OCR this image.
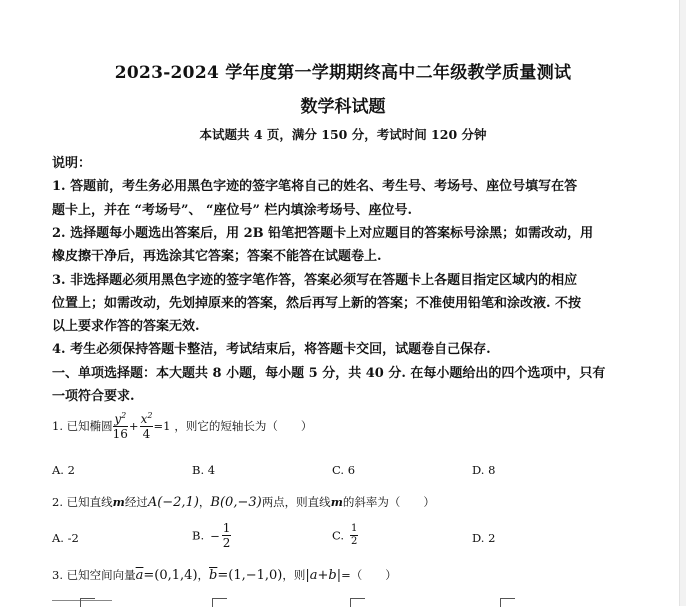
2023-2024 学年度第一学期期终高中二年级教学质量测试
数学科试题
本试题共 4 页，满分 150 分，考试时间 120 分钟
说明：
1. 答题前，考生务必用黑色字迹的签字笔将自己的姓名、考生号、考场号、座位号填写在答
题卡上，并在 “考场号”、 “座位号” 栏内填涂考场号、座位号.
2. 选择题每小题选出答案后，用 2B 铅笔把答题卡上对应题目的答案标号涂黑；如需改动，用
橡皮擦干净后，再选涂其它答案；答案不能答在试题卷上.
3. 非选择题必须用黑色字迹的签字笔作答，答案必须写在答题卡上各题目指定区域内的相应
位置上；如需改动，先划掉原来的答案，然后再写上新的答案；不准使用铅笔和涂改液. 不按
以上要求作答的答案无效.
4. 考生必须保持答题卡整洁，考试结束后，将答题卡交回，试题卷自己保存.
一、单项选择题：本大题共 8 小题，每小题 5 分，共 40 分. 在每小题给出的四个选项中，只有
一项符合要求.
1. 已知椭圆 $\frac{y^2}{16} + \frac{x^2}{4} =1$ ，则它的短轴长为（　　）
A. 2	B. 4	C. 6	D. 8
2. 已知直线m经过A(−2,1)，B(0,−3)两点，则直线m的斜率为（　　）
A. -2	B. − $\frac{1}{2}$	C. $\frac{1}{2}$	D. 2
3. 已知空间向量$\overline{a}=(0,1,4)$，$\overline{b}=(1,-1,0)$，则|a+b|=（　　）
